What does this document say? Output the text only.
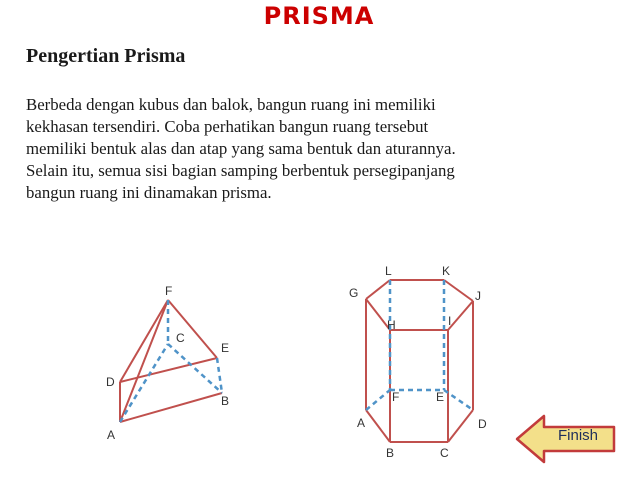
PRISMA
Pengertian Prisma
Berbeda dengan kubus dan balok, bangun ruang ini memiliki
kekhasan tersendiri. Coba perhatikan bangun ruang tersebut
memiliki bentuk alas dan atap yang sama bentuk dan aturannya.
Selain itu, semua sisi bagian samping berbentuk persegipanjang
bangun ruang ini dinamakan prisma.
F
C
E
D
B
A
L	K
G	J
H	I
F	E
A	D
B	C
Finish
